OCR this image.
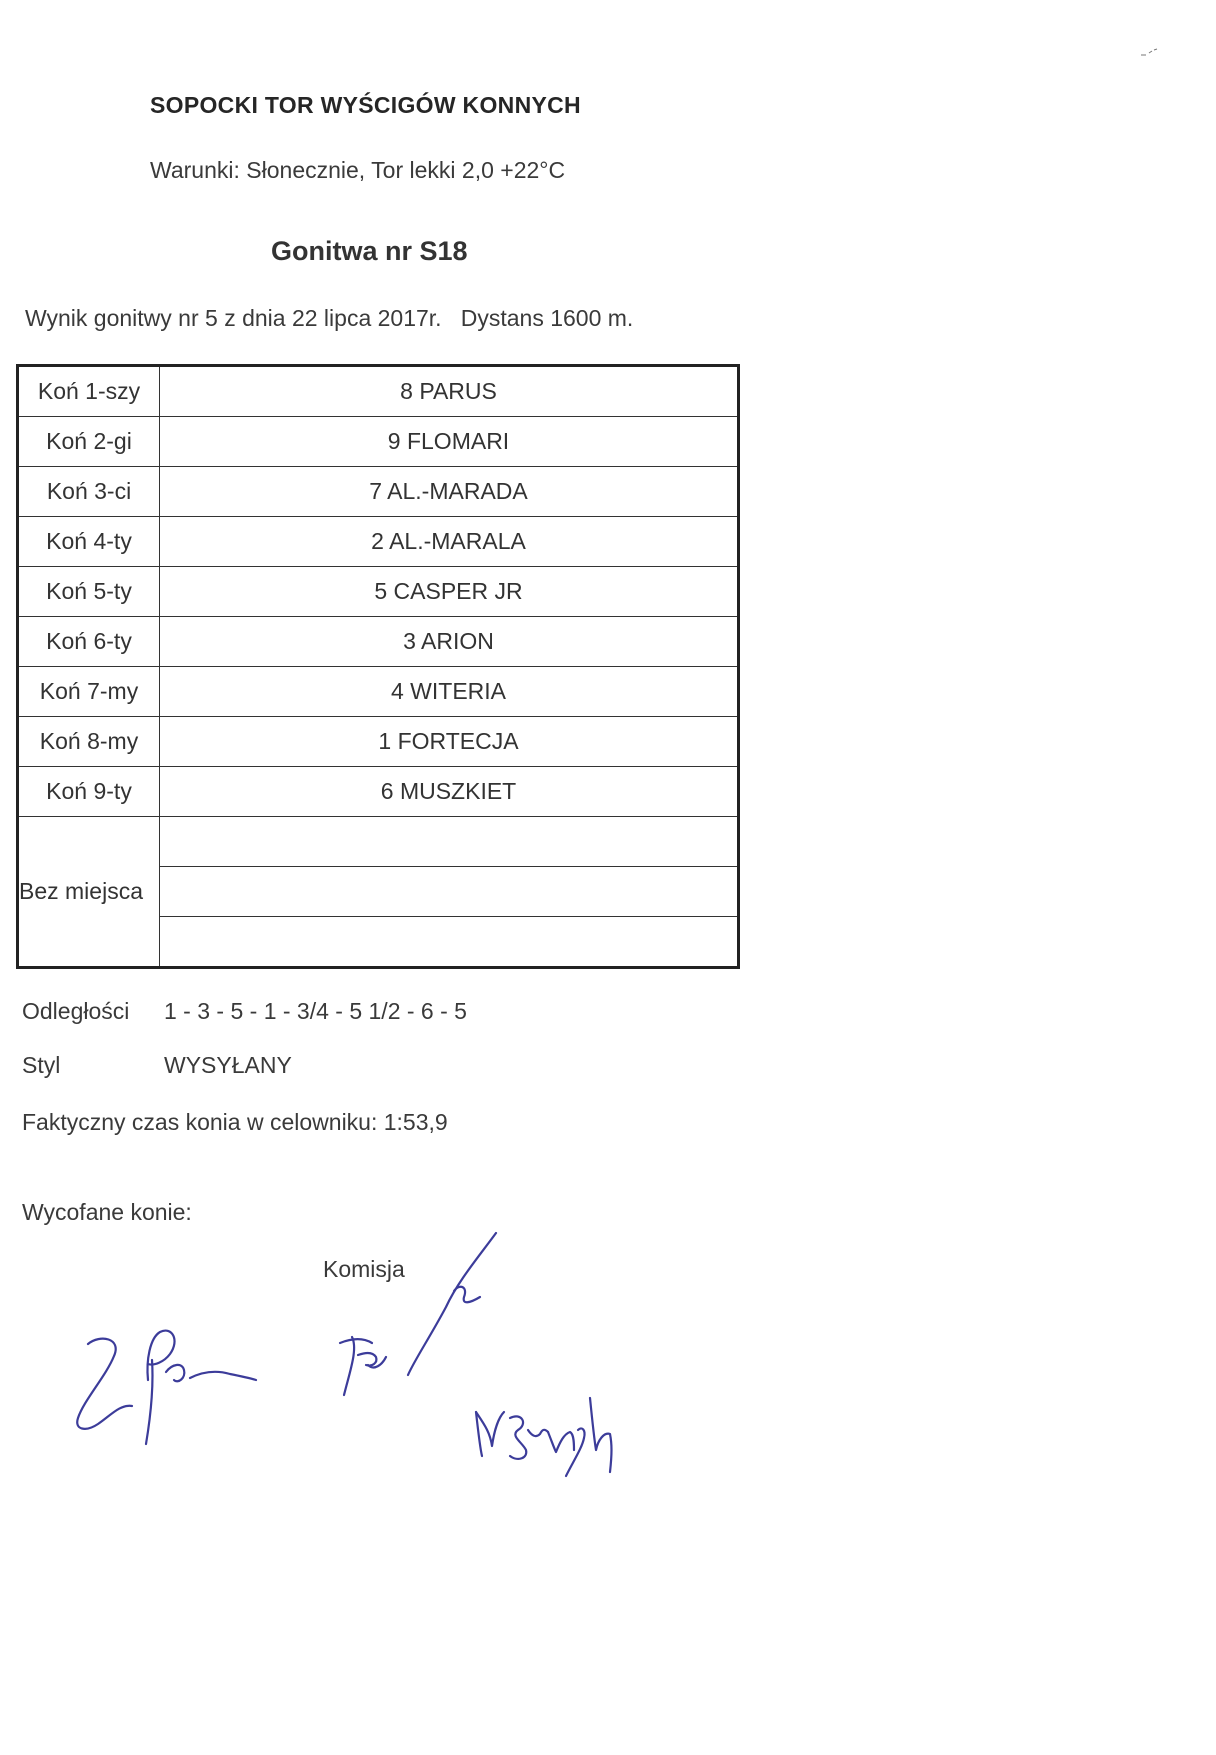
SOPOCKI TOR WYŚCIGÓW KONNYCH
Warunki: Słonecznie, Tor lekki 2,0 +22°C
Gonitwa nr S18
Wynik gonitwy nr 5 z dnia 22 lipca 2017r.   Dystans 1600 m.
Koń 1-szy	8 PARUS
Koń 2-gi	9 FLOMARI
Koń 3-ci	7 AL.-MARADA
Koń 4-ty	2 AL.-MARALA
Koń 5-ty	5 CASPER JR
Koń 6-ty	3 ARION
Koń 7-my	4 WITERIA
Koń 8-my	1 FORTECJA
Koń 9-ty	6 MUSZKIET
Bez miejsca	

Odległości 1 - 3 - 5 - 1 - 3/4 - 5 1/2 - 6 - 5
Styl	WYSYŁANY
Faktyczny czas konia w celowniku: 1:53,9
Wycofane konie:
Komisja
